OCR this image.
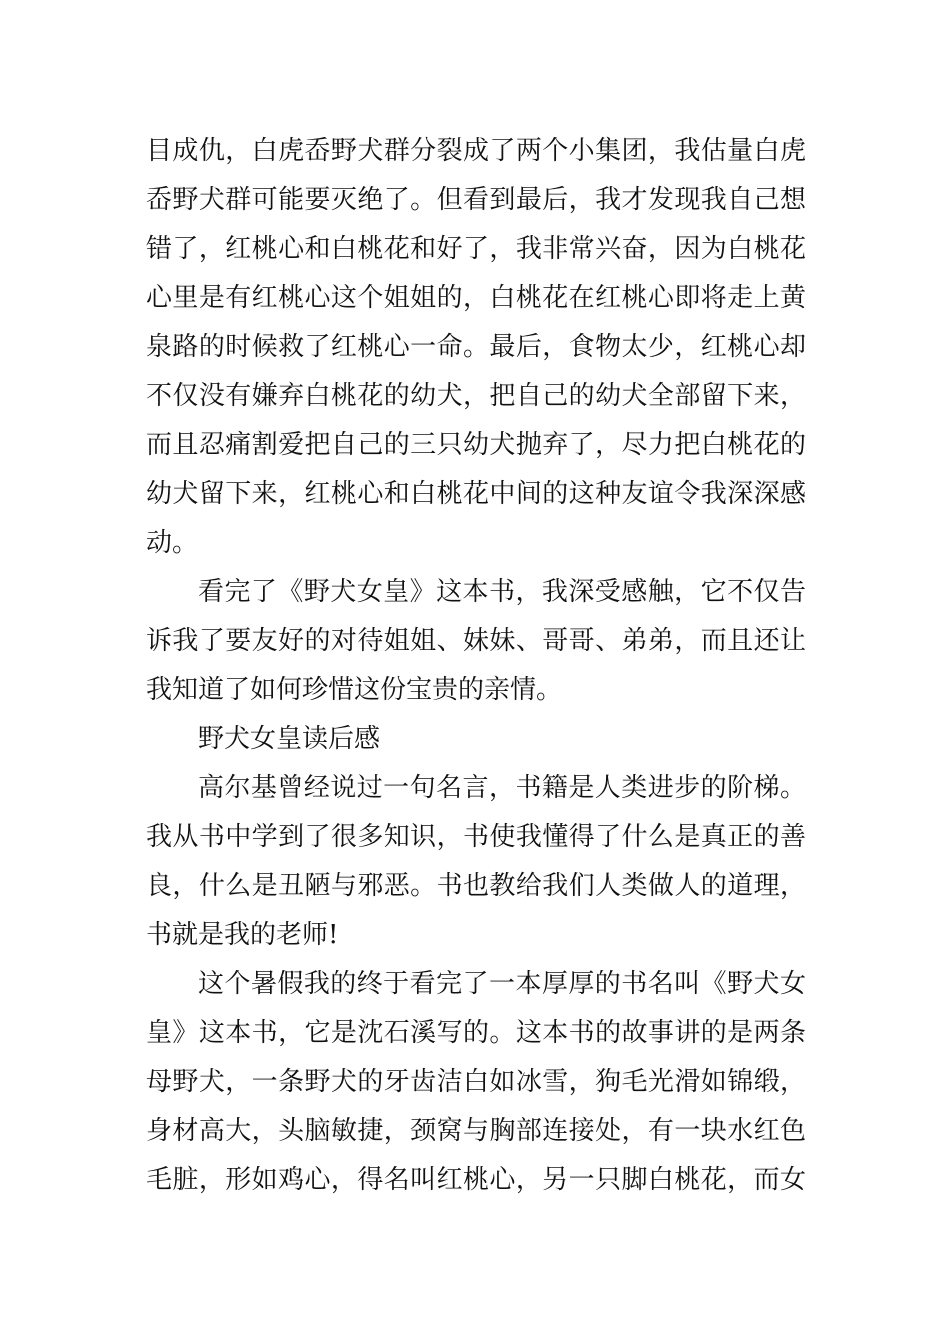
目成仇，白虎岙野犬群分裂成了两个小集团，我估量白虎
岙野犬群可能要灭绝了。但看到最后，我才发现我自己想
错了，红桃心和白桃花和好了，我非常兴奋，因为白桃花
心里是有红桃心这个姐姐的，白桃花在红桃心即将走上黄
泉路的时候救了红桃心一命。最后，食物太少，红桃心却
不仅没有嫌弃白桃花的幼犬，把自己的幼犬全部留下来，
而且忍痛割爱把自己的三只幼犬抛弃了，尽力把白桃花的
幼犬留下来，红桃心和白桃花中间的这种友谊令我深深感
动。
看完了《野犬女皇》这本书，我深受感触，它不仅告
诉我了要友好的对待姐姐、妹妹、哥哥、弟弟，而且还让
我知道了如何珍惜这份宝贵的亲情。
野犬女皇读后感
高尔基曾经说过一句名言，书籍是人类进步的阶梯。
我从书中学到了很多知识，书使我懂得了什么是真正的善
良，什么是丑陋与邪恶。书也教给我们人类做人的道理，
书就是我的老师!
这个暑假我的终于看完了一本厚厚的书名叫《野犬女
皇》这本书，它是沈石溪写的。这本书的故事讲的是两条
母野犬，一条野犬的牙齿洁白如冰雪，狗毛光滑如锦缎，
身材高大，头脑敏捷，颈窝与胸部连接处，有一块水红色
毛脏，形如鸡心，得名叫红桃心，另一只脚白桃花，而女
